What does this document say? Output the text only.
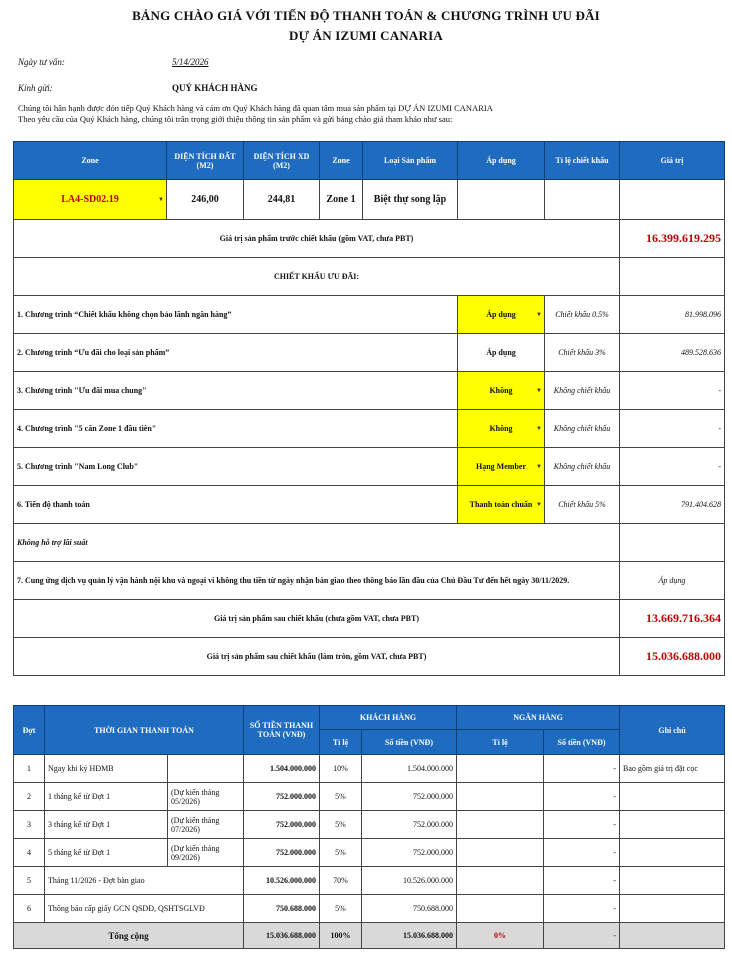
BẢNG CHÀO GIÁ VỚI TIẾN ĐỘ THANH TOÁN & CHƯƠNG TRÌNH ƯU ĐÃI
DỰ ÁN IZUMI CANARIA
Ngày tư vấn:	5/14/2026
Kính gửi:	QUÝ KHÁCH HÀNG
Chúng tôi hân hạnh được đón tiếp Quý Khách hàng và cám ơn Quý Khách hàng đã quan tâm mua sản phẩm tại DỰ ÁN IZUMI CANARIA
Theo yêu cầu của Quý Khách hàng, chúng tôi trân trọng giới thiệu thông tin sản phẩm và gửi bảng chào giá tham khảo như sau:
Zone	DIỆN TÍCH ĐẤT (M2)	DIỆN TÍCH XD (M2)	Zone	Loại Sản phẩm	Áp dụng	Tỉ lệ chiết khấu	Giá trị
LA4-SD02.19 ▼	246,00	244,81	Zone 1	Biệt thự song lập			
Giá trị sản phẩm trước chiết khấu (gồm VAT, chưa PBT)							16.399.619.295
CHIẾT KHẤU ƯU ĐÃI:							
1. Chương trình “Chiết khấu không chọn bảo lãnh ngân hàng”					Áp dụng ▼	Chiết khấu 0.5%	81.998.096
2. Chương trình “Ưu đãi cho loại sản phẩm”					Áp dụng	Chiết khấu 3%	489.528.636
3. Chương trình "Ưu đãi mua chung"					Không ▼	Không chiết khấu	-
4. Chương trình "5 căn Zone 1 đầu tiên"					Không ▼	Không chiết khấu	-
5. Chương trình "Nam Long Club"					Hạng Member ▼	Không chiết khấu	-
6. Tiến độ thanh toán					Thanh toán chuẩn ▼	Chiết khấu 5%	791.404.628
Không hỗ trợ lãi suất							
7. Cung ứng dịch vụ quản lý vận hành nội khu và ngoại vi không thu tiền từ ngày nhận bàn giao theo thông báo lần đầu của Chủ Đầu Tư đến hết ngày 30/11/2029.							Áp dụng
Giá trị sản phẩm sau chiết khấu (chưa gồm VAT, chưa PBT)							13.669.716.364
Giá trị sản phẩm sau chiết khấu (làm tròn, gồm VAT, chưa PBT)							15.036.688.000
Đợt	THỜI GIAN THANH TOÁN		SỐ TIỀN THANH TOÁN (VNĐ)	KHÁCH HÀNG		NGÂN HÀNG		Ghi chú
				Tỉ lệ	Số tiền (VNĐ)	Tỉ lệ	Số tiền (VNĐ)	
1	Ngay khi ký HĐMB		1.504.000.000	10%	1.504.000.000		-	Bao gồm giá trị đặt cọc
2	1 tháng kể từ Đợt 1	(Dự kiến tháng 05/2026)	752.000.000	5%	752.000.000		-	
3	3 tháng kể từ Đợt 1	(Dự kiến tháng 07/2026)	752.000.000	5%	752.000.000		-	
4	5 tháng kể từ Đợt 1	(Dự kiến tháng 09/2026)	752.000.000	5%	752.000.000		-	
5	Tháng 11/2026 - Đợt bàn giao		10.526.000.000	70%	10.526.000.000		-	
6	Thông báo cấp giấy GCN QSDĐ, QSHTSGLVĐ		750.688.000	5%	750.688.000		-	
Tổng cộng			15.036.688.000	100%	15.036.688.000	0%	-	
